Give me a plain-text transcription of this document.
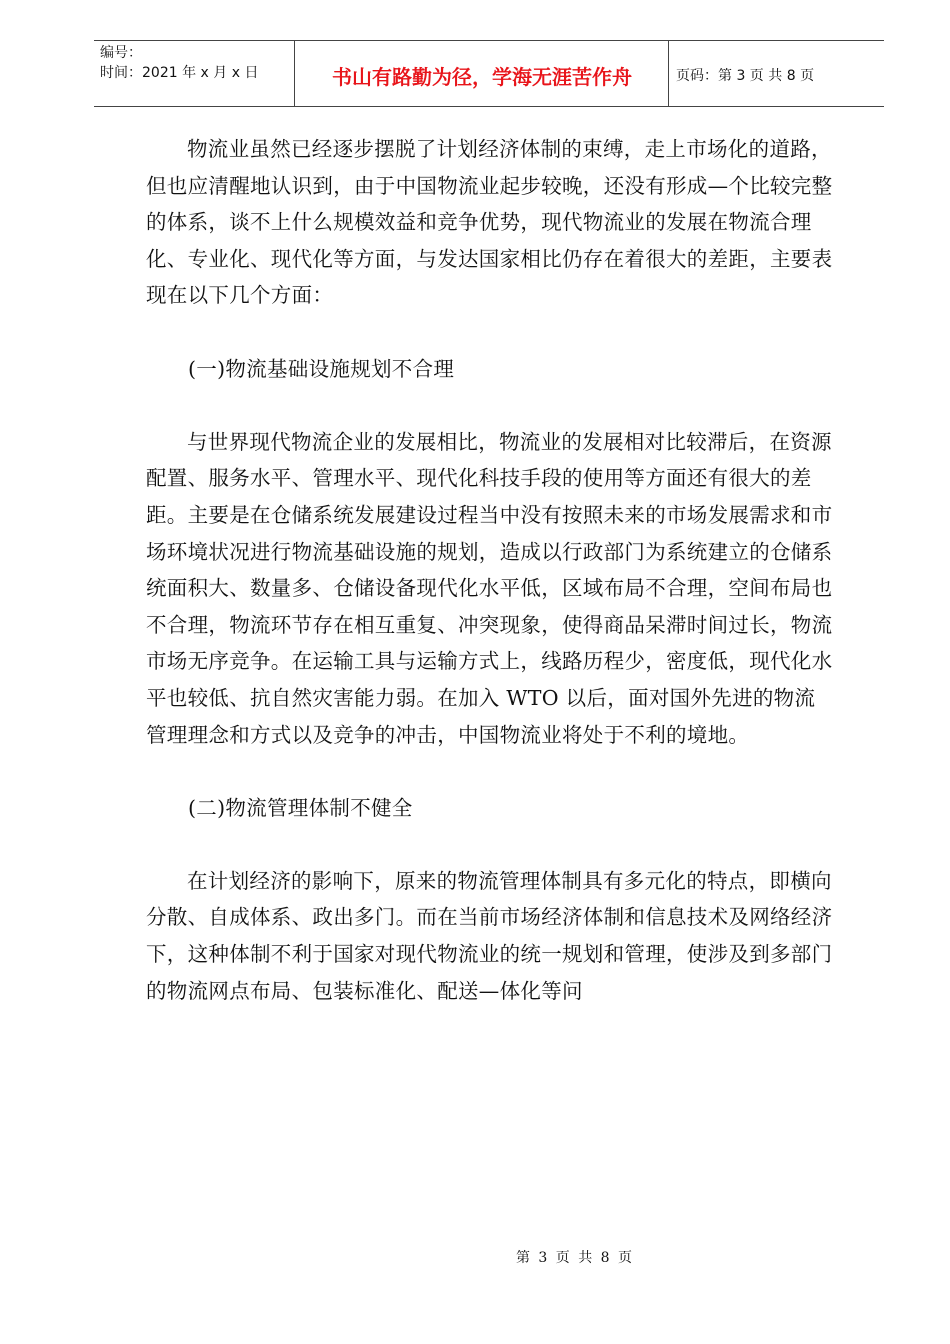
编号：
时间：2021 年 x 月 x 日	书山有路勤为径，学海无涯苦作舟	页码：第 3 页 共 8 页

物流业虽然已经逐步摆脱了计划经济体制的束缚，走上市场化的道路，但也应清醒地认识到，由于中国物流业起步较晚，还没有形成—个比较完整的体系，谈不上什么规模效益和竞争优势，现代物流业的发展在物流合理化、专业化、现代化等方面，与发达国家相比仍存在着很大的差距，主要表现在以下几个方面：

(一)物流基础设施规划不合理

与世界现代物流企业的发展相比，物流业的发展相对比较滞后，在资源配置、服务水平、管理水平、现代化科技手段的使用等方面还有很大的差距。主要是在仓储系统发展建设过程当中没有按照未来的市场发展需求和市场环境状况进行物流基础设施的规划，造成以行政部门为系统建立的仓储系统面积大、数量多、仓储设备现代化水平低，区域布局不合理，空间布局也不合理，物流环节存在相互重复、冲突现象，使得商品呆滞时间过长，物流市场无序竞争。在运输工具与运输方式上，线路历程少，密度低，现代化水平也较低、抗自然灾害能力弱。在加入 WTO 以后，面对国外先进的物流管理理念和方式以及竞争的冲击，中国物流业将处于不利的境地。

(二)物流管理体制不健全

在计划经济的影响下，原来的物流管理体制具有多元化的特点，即横向分散、自成体系、政出多门。而在当前市场经济体制和信息技术及网络经济下，这种体制不利于国家对现代物流业的统一规划和管理，使涉及到多部门的物流网点布局、包装标准化、配送—体化等问

第 3 页 共 8 页
